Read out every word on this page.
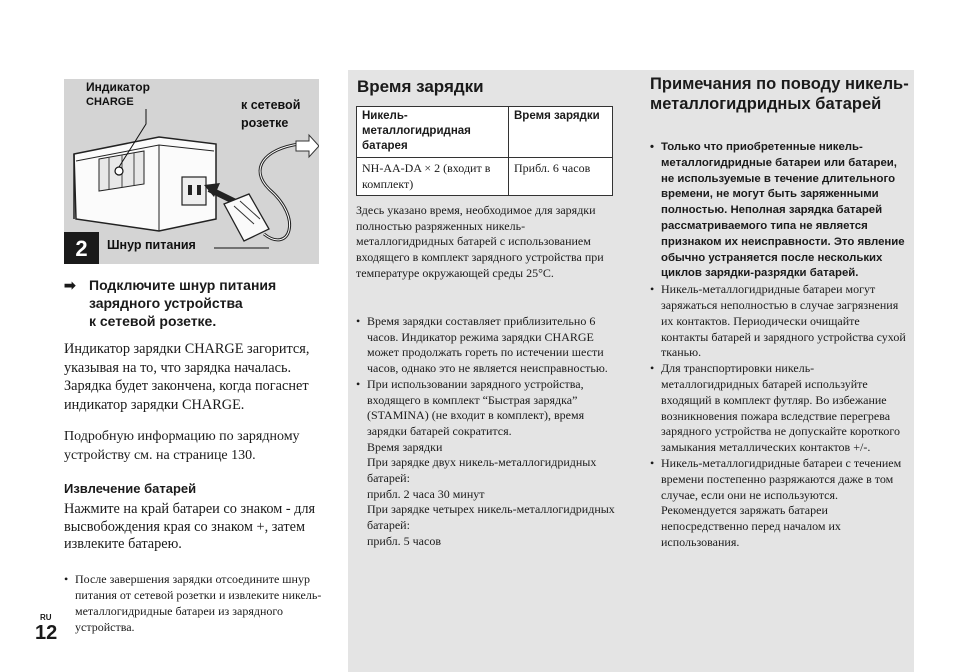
Индикатор
CHARGE	к сетевой
розетке
Шнур питания
2
➡ Подключите шнур питания
зарядного устройства
к сетевой розетке.
Индикатор зарядки CHARGE загорится, указывая на то, что зарядка началась. Зарядка будет закончена, когда погаснет индикатор зарядки CHARGE.
Подробную информацию по зарядному устройству см. на странице 130.
Извлечение батарей
Нажмите на край батареи со знаком - для высвобождения края со знаком +, затем извлеките батарею.
• После завершения зарядки отсоедините шнур питания от сетевой розетки и извлеките никель-металлогидридные батареи из зарядного устройства.
RU
12
Время зарядки
Никель-металлогидридная батарея	Время зарядки
NH-AA-DA × 2 (входит в комплект)	Прибл. 6 часов
Здесь указано время, необходимое для зарядки полностью разряженных никель-металлогидридных батарей с использованием входящего в комплект зарядного устройства при температуре окружающей среды 25°C.
• Время зарядки составляет приблизительно 6 часов. Индикатор режима зарядки CHARGE может продолжать гореть по истечении шести часов, однако это не является неисправностью.
• При использовании зарядного устройства, входящего в комплект “Быстрая зарядка” (STAMINA) (не входит в комплект), время зарядки батарей сократится.
Время зарядки
При зарядке двух никель-металлогидридных батарей:
прибл. 2 часа 30 минут
При зарядке четырех никель-металлогидридных батарей:
прибл. 5 часов
Примечания по поводу никель-металлогидридных батарей
• Только что приобретенные никель-металлогидридные батареи или батареи, не используемые в течение длительного времени, не могут быть заряженными полностью. Неполная зарядка батарей рассматриваемого типа не является признаком их неисправности. Это явление обычно устраняется после нескольких циклов зарядки-разрядки батарей.
• Никель-металлогидридные батареи могут заряжаться неполностью в случае загрязнения их контактов. Периодически очищайте контакты батарей и зарядного устройства сухой тканью.
• Для транспортировки никель-металлогидридных батарей используйте входящий в комплект футляр. Во избежание возникновения пожара вследствие перегрева зарядного устройства не допускайте короткого замыкания металлических контактов +/-.
• Никель-металлогидридные батареи с течением времени постепенно разряжаются даже в том случае, если они не используются. Рекомендуется заряжать батареи непосредственно перед началом их использования.
